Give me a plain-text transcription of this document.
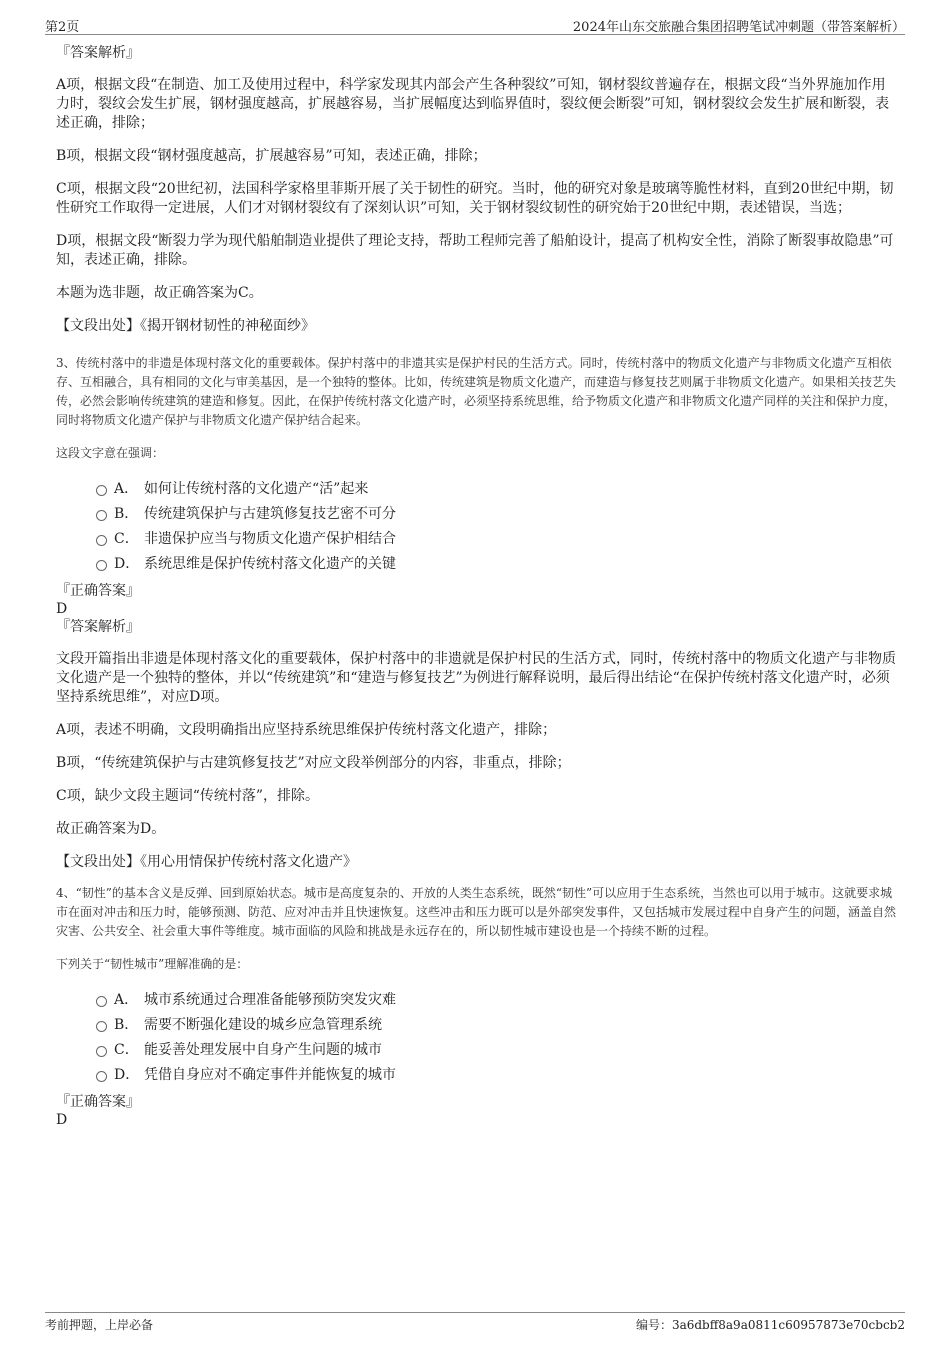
第2页	2024年山东交旅融合集团招聘笔试冲刺题（带答案解析）

『答案解析』

A项，根据文段“在制造、加工及使用过程中，科学家发现其内部会产生各种裂纹”可知，钢材裂纹普遍存在，根据文段“当外界施加作用力时，裂纹会发生扩展，钢材强度越高，扩展越容易，当扩展幅度达到临界值时，裂纹便会断裂”可知，钢材裂纹会发生扩展和断裂，表述正确，排除；

B项，根据文段“钢材强度越高，扩展越容易”可知，表述正确，排除；

C项，根据文段“20世纪初，法国科学家格里菲斯开展了关于韧性的研究。当时，他的研究对象是玻璃等脆性材料，直到20世纪中期，韧性研究工作取得一定进展，人们才对钢材裂纹有了深刻认识”可知，关于钢材裂纹韧性的研究始于20世纪中期，表述错误，当选；

D项，根据文段“断裂力学为现代船舶制造业提供了理论支持，帮助工程师完善了船舶设计，提高了机构安全性，消除了断裂事故隐患”可知，表述正确，排除。

本题为选非题，故正确答案为C。

【文段出处】《揭开钢材韧性的神秘面纱》

3、传统村落中的非遗是体现村落文化的重要载体。保护村落中的非遗其实是保护村民的生活方式。同时，传统村落中的物质文化遗产与非物质文化遗产互相依存、互相融合，具有相同的文化与审美基因，是一个独特的整体。比如，传统建筑是物质文化遗产，而建造与修复技艺则属于非物质文化遗产。如果相关技艺失传，必然会影响传统建筑的建造和修复。因此，在保护传统村落文化遗产时，必须坚持系统思维，给予物质文化遗产和非物质文化遗产同样的关注和保护力度，同时将物质文化遗产保护与非物质文化遗产保护结合起来。

这段文字意在强调：

A． 如何让传统村落的文化遗产“活”起来
B． 传统建筑保护与古建筑修复技艺密不可分
C． 非遗保护应当与物质文化遗产保护相结合
D． 系统思维是保护传统村落文化遗产的关键

『正确答案』

D

『答案解析』

文段开篇指出非遗是体现村落文化的重要载体，保护村落中的非遗就是保护村民的生活方式，同时，传统村落中的物质文化遗产与非物质文化遗产是一个独特的整体，并以“传统建筑”和“建造与修复技艺”为例进行解释说明，最后得出结论“在保护传统村落文化遗产时，必须坚持系统思维”，对应D项。

A项，表述不明确，文段明确指出应坚持系统思维保护传统村落文化遗产，排除；

B项，“传统建筑保护与古建筑修复技艺”对应文段举例部分的内容，非重点，排除；

C项，缺少文段主题词“传统村落”，排除。

故正确答案为D。

【文段出处】《用心用情保护传统村落文化遗产》

4、“韧性”的基本含义是反弹、回到原始状态。城市是高度复杂的、开放的人类生态系统，既然“韧性”可以应用于生态系统，当然也可以用于城市。这就要求城市在面对冲击和压力时，能够预测、防范、应对冲击并且快速恢复。这些冲击和压力既可以是外部突发事件，又包括城市发展过程中自身产生的问题，涵盖自然灾害、公共安全、社会重大事件等维度。城市面临的风险和挑战是永远存在的，所以韧性城市建设也是一个持续不断的过程。

下列关于“韧性城市”理解准确的是：

A． 城市系统通过合理准备能够预防突发灾难
B． 需要不断强化建设的城乡应急管理系统
C． 能妥善处理发展中自身产生问题的城市
D． 凭借自身应对不确定事件并能恢复的城市

『正确答案』

D

考前押题，上岸必备	编号：3a6dbff8a9a0811c60957873e70cbcb2
